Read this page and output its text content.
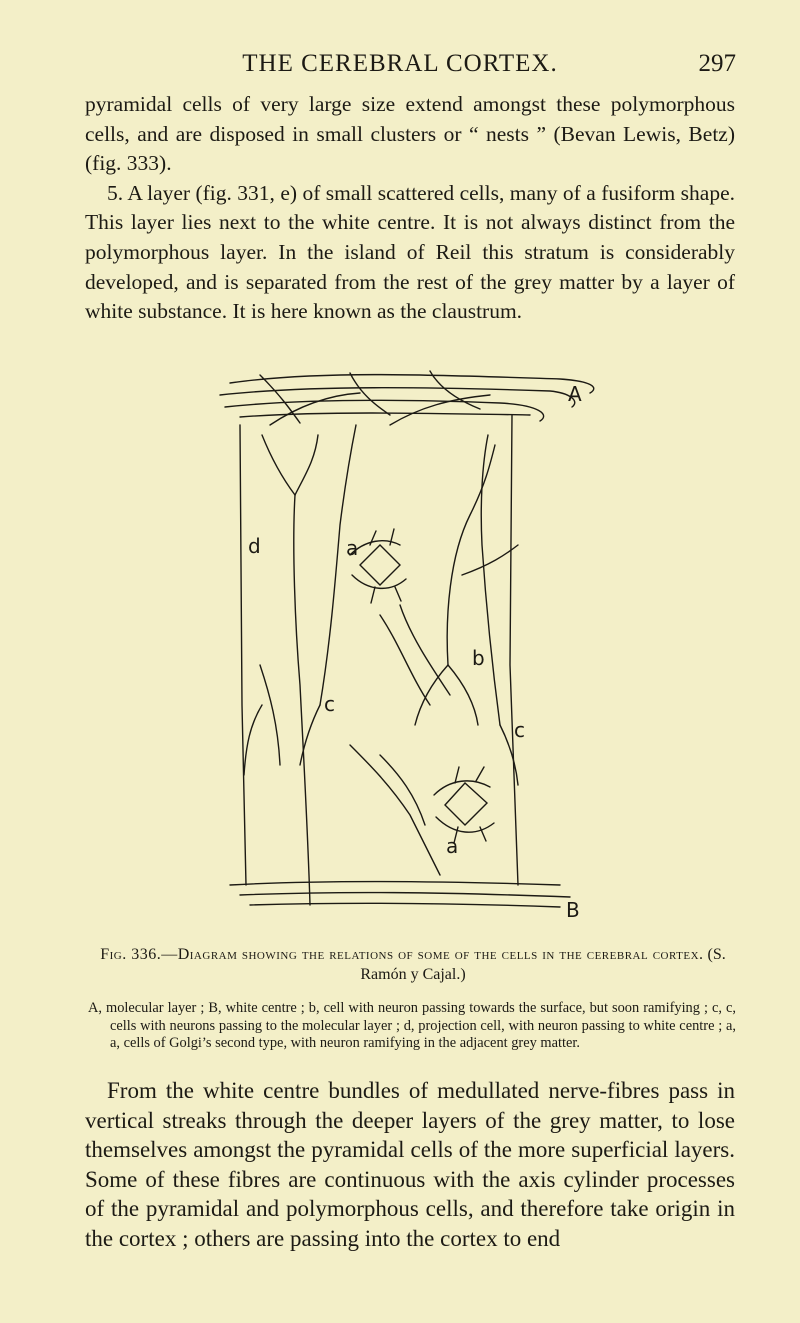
THE CEREBRAL CORTEX.	297

pyramidal cells of very large size extend amongst these polymorphous cells, and are disposed in small clusters or “ nests ” (Bevan Lewis, Betz) (fig. 333).

5. A layer (fig. 331, e) of small scattered cells, many of a fusiform shape. This layer lies next to the white centre. It is not always distinct from the polymorphous layer. In the island of Reil this stratum is considerably developed, and is separated from the rest of the grey matter by a layer of white substance. It is here known as the claustrum.

A
B
b
c
c
d	a
a
Fig. 336.—Diagram showing the relations of some of the cells in the cerebral cortex. (S. Ramón y Cajal.)
A, molecular layer ; B, white centre ; b, cell with neuron passing towards the surface, but soon ramifying ; c, c, cells with neurons passing to the molecular layer ; d, projection cell, with neuron passing to white centre ; a, a, cells of Golgi’s second type, with neuron ramifying in the adjacent grey matter.

From the white centre bundles of medullated nerve-fibres pass in vertical streaks through the deeper layers of the grey matter, to lose themselves amongst the pyramidal cells of the more superficial layers. Some of these fibres are continuous with the axis cylinder processes of the pyramidal and polymorphous cells, and therefore take origin in the cortex ; others are passing into the cortex to end
